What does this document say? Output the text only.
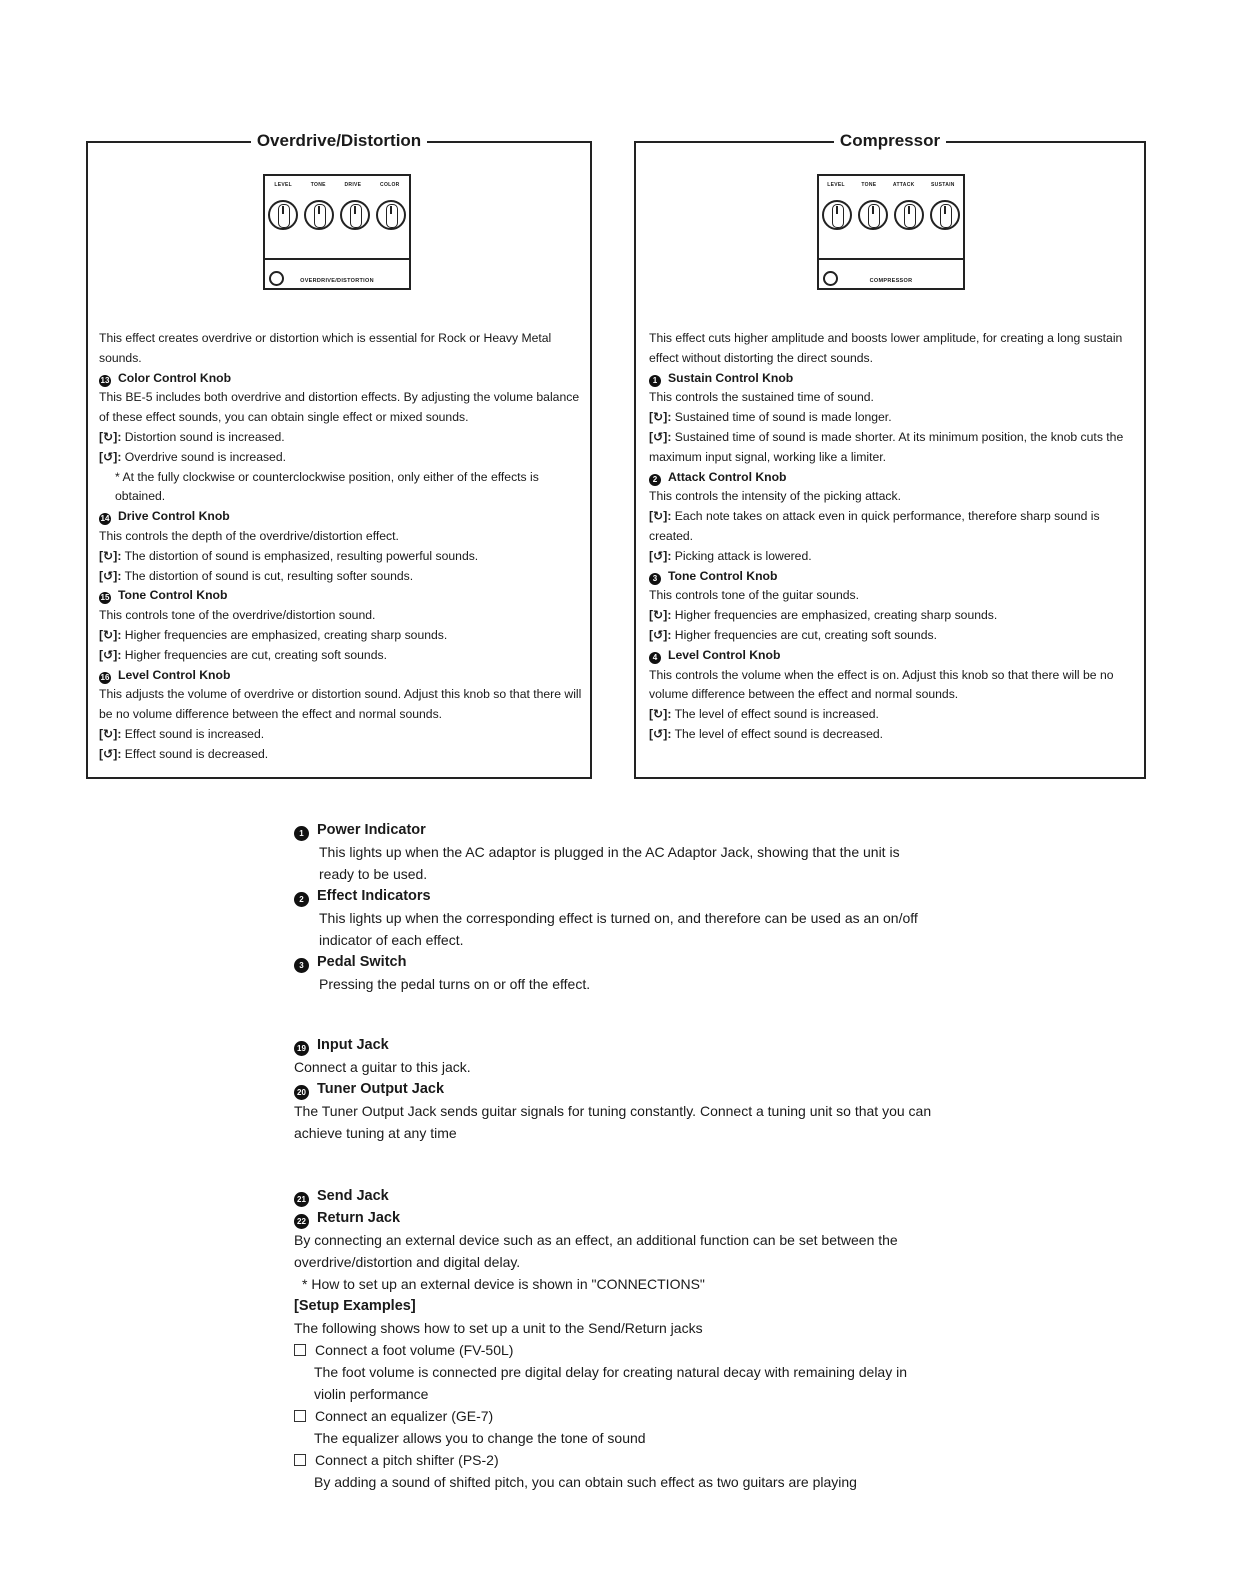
Overdrive/Distortion
LEVEL	TONE	DRIVE	COLOR
OVERDRIVE/DISTORTION

This effect creates overdrive or distortion which is essential for Rock or Heavy Metal sounds.

13 Color Control Knob

This BE-5 includes both overdrive and distortion effects. By adjusting the volume balance of these effect sounds, you can obtain single effect or mixed sounds.

[↻]: Distortion sound is increased.

[↺]: Overdrive sound is increased.

* At the fully clockwise or counterclockwise position, only either of the effects is obtained.

14 Drive Control Knob

This controls the depth of the overdrive/distortion effect.

[↻]: The distortion of sound is emphasized, resulting powerful sounds.

[↺]: The distortion of sound is cut, resulting softer sounds.

15 Tone Control Knob

This controls tone of the overdrive/distortion sound.

[↻]: Higher frequencies are emphasized, creating sharp sounds.

[↺]: Higher frequencies are cut, creating soft sounds.

16 Level Control Knob

This adjusts the volume of overdrive or distortion sound. Adjust this knob so that there will be no volume difference between the effect and normal sounds.

[↻]: Effect sound is increased.

[↺]: Effect sound is decreased.

Compressor
LEVEL	TONE	ATTACK	SUSTAIN
COMPRESSOR

This effect cuts higher amplitude and boosts lower amplitude, for creating a long sustain effect without distorting the direct sounds.

1 Sustain Control Knob

This controls the sustained time of sound.

[↻]: Sustained time of sound is made longer.

[↺]: Sustained time of sound is made shorter. At its minimum position, the knob cuts the maximum input signal, working like a limiter.

2 Attack Control Knob

This controls the intensity of the picking attack.

[↻]: Each note takes on attack even in quick performance, therefore sharp sound is created.

[↺]: Picking attack is lowered.

3 Tone Control Knob

This controls tone of the guitar sounds.

[↻]: Higher frequencies are emphasized, creating sharp sounds.

[↺]: Higher frequencies are cut, creating soft sounds.

4 Level Control Knob

This controls the volume when the effect is on. Adjust this knob so that there will be no volume difference between the effect and normal sounds.

[↻]: The level of effect sound is increased.

[↺]: The level of effect sound is decreased.

1 Power Indicator

This lights up when the AC adaptor is plugged in the AC Adaptor Jack, showing that the unit is ready to be used.

2 Effect Indicators

This lights up when the corresponding effect is turned on, and therefore can be used as an on/off indicator of each effect.

3 Pedal Switch

Pressing the pedal turns on or off the effect.

19 Input Jack

Connect a guitar to this jack.

20 Tuner Output Jack

The Tuner Output Jack sends guitar signals for tuning constantly. Connect a tuning unit so that you can achieve tuning at any time

21 Send Jack

22 Return Jack

By connecting an external device such as an effect, an additional function can be set between the overdrive/distortion and digital delay.

* How to set up an external device is shown in "CONNECTIONS"

[Setup Examples]

The following shows how to set up a unit to the Send/Return jacks

Connect a foot volume (FV-50L)

The foot volume is connected pre digital delay for creating natural decay with remaining delay in violin performance

Connect an equalizer (GE-7)

The equalizer allows you to change the tone of sound

Connect a pitch shifter (PS-2)

By adding a sound of shifted pitch, you can obtain such effect as two guitars are playing
